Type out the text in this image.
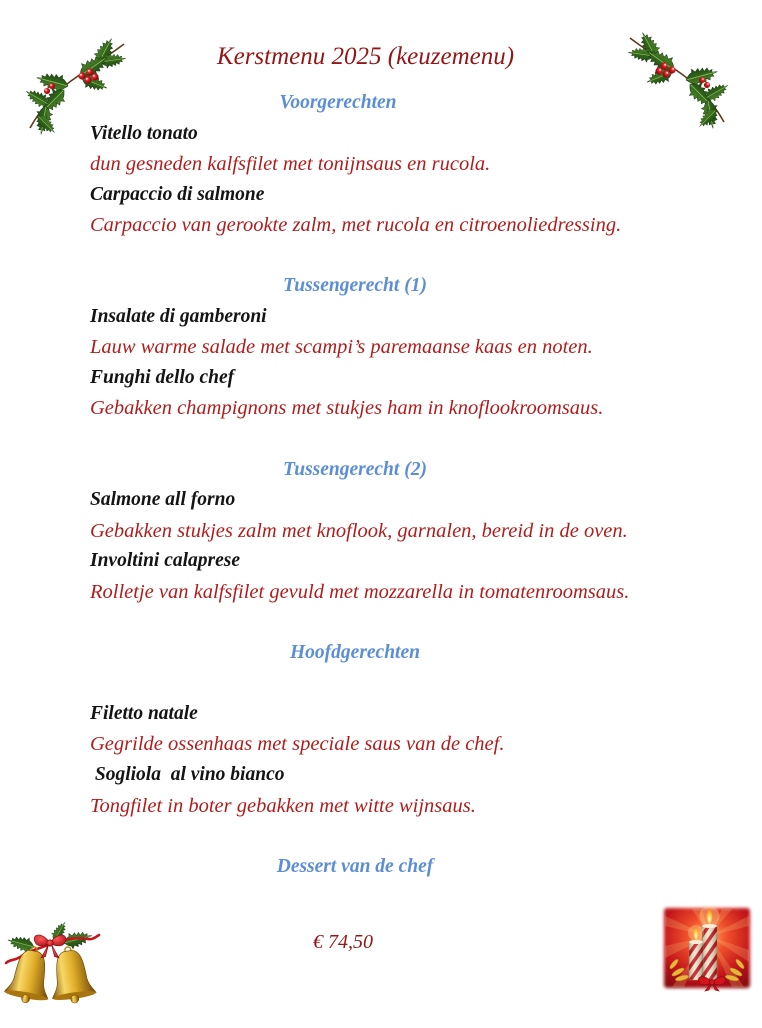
Kerstmenu 2025 (keuzemenu)
Voorgerechten
Vitello tonato
dun gesneden kalfsfilet met tonijnsaus en rucola.
Carpaccio di salmone
Carpaccio van gerookte zalm, met rucola en citroenoliedressing.
Tussengerecht (1)
Insalate di gamberoni
Lauw warme salade met scampi’s paremaanse kaas en noten.
Funghi dello chef
Gebakken champignons met stukjes ham in knoflookroomsaus.
Tussengerecht (2)
Salmone all forno
Gebakken stukjes zalm met knoflook, garnalen, bereid in de oven.
Involtini calaprese
Rolletje van kalfsfilet gevuld met mozzarella in tomatenroomsaus.
Hoofdgerechten
Filetto natale
Gegrilde ossenhaas met speciale saus van de chef.
Sogliola  al vino bianco
Tongfilet in boter gebakken met witte wijnsaus.
Dessert van de chef
€ 74,50
